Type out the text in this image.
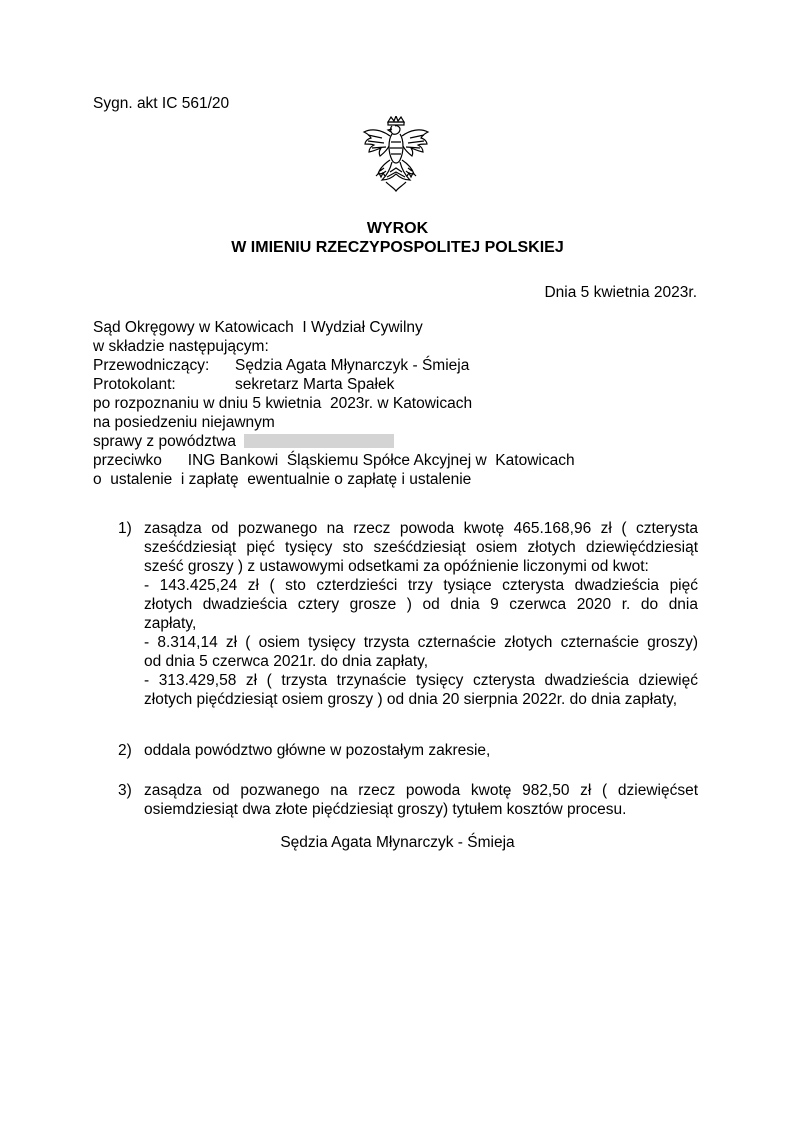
Sygn. akt IC 561/20
WYROK
W IMIENIU RZECZYPOSPOLITEJ POLSKIEJ
Dnia 5 kwietnia 2023r.
Sąd Okręgowy w Katowicach  I Wydział Cywilny
w składzie następującym:
Przewodniczący: Sędzia Agata Młynarczyk - Śmieja
Protokolant:	sekretarz Marta Spałek
po rozpoznaniu w dniu 5 kwietnia  2023r. w Katowicach
na posiedzeniu niejawnym
sprawy z powództwa
przeciwko ING Bankowi  Śląskiemu Spółce Akcyjnej w  Katowicach
o  ustalenie  i zapłatę  ewentualnie o zapłatę i ustalenie
1) zasądza od pozwanego na rzecz powoda kwotę 465.168,96 zł ( czterysta
sześćdziesiąt pięć tysięcy sto sześćdziesiąt osiem złotych dziewięćdziesiąt
sześć groszy ) z ustawowymi odsetkami za opóźnienie liczonymi od kwot:
- 143.425,24 zł ( sto czterdzieści trzy tysiące czterysta dwadzieścia pięć
złotych dwadzieścia cztery grosze ) od dnia 9 czerwca 2020 r. do dnia
zapłaty,
- 8.314,14 zł ( osiem tysięcy trzysta czternaście złotych czternaście groszy)
od dnia 5 czerwca 2021r. do dnia zapłaty,
- 313.429,58 zł ( trzysta trzynaście tysięcy czterysta dwadzieścia dziewięć
złotych pięćdziesiąt osiem groszy ) od dnia 20 sierpnia 2022r. do dnia zapłaty,
2) oddala powództwo główne w pozostałym zakresie,
3) zasądza od pozwanego na rzecz powoda kwotę 982,50 zł ( dziewięćset
osiemdziesiąt dwa złote pięćdziesiąt groszy) tytułem kosztów procesu.
Sędzia Agata Młynarczyk - Śmieja
